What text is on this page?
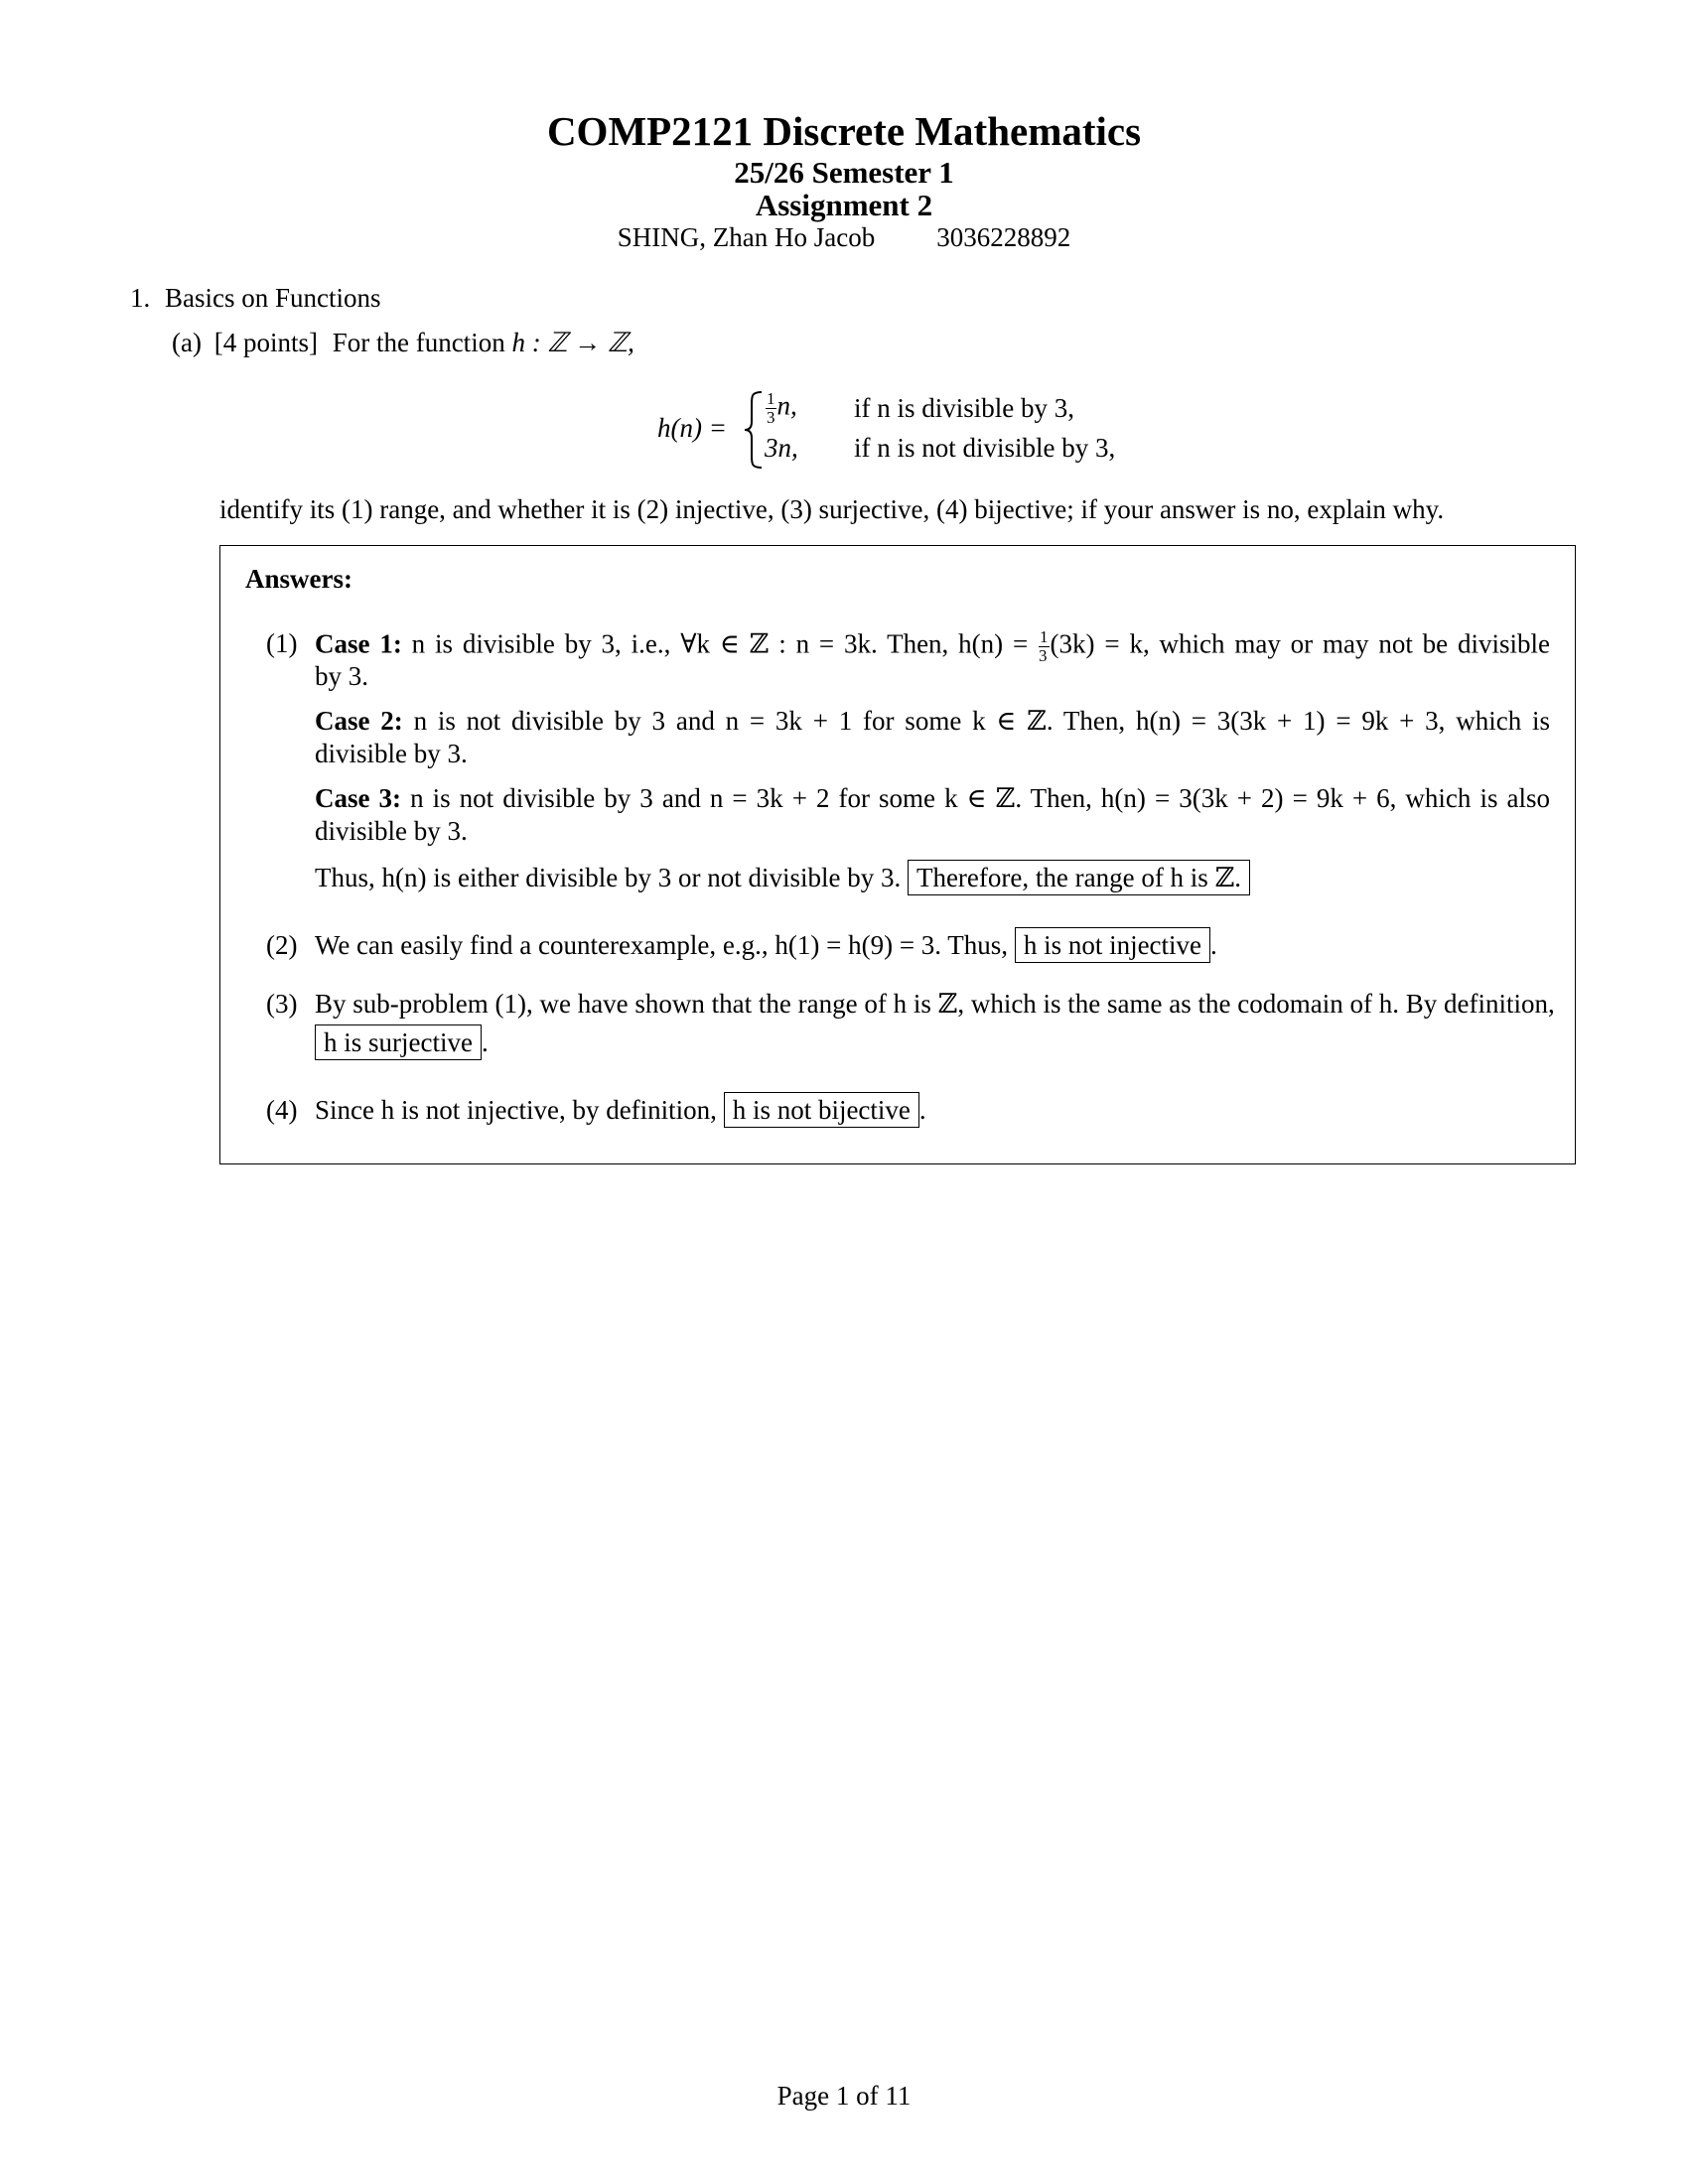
COMP2121 Discrete Mathematics
25/26 Semester 1
Assignment 2
SHING, Zhan Ho Jacob 3036228892
1. Basics on Functions
(a) [4 points] For the function h : ℤ → ℤ,
h(n) =
$\frac{1}{3} n$, if n is divisible by 3,
3n, if n is not divisible by 3,
identify its (1) range, and whether it is (2) injective, (3) surjective, (4) bijective; if your answer is no, explain why.
Answers:
(1) Case 1: n is divisible by 3, i.e., ∀k ∈ ℤ : n = 3k. Then, $h(n) = \frac{1}{3} (3k) = k$, which may or may not be divisible
by 3.
Case 2: n is not divisible by 3 and n = 3k + 1 for some k ∈ ℤ. Then, h(n) = 3(3k + 1) = 9k + 3, which is
divisible by 3.
Case 3: n is not divisible by 3 and n = 3k + 2 for some k ∈ ℤ. Then, h(n) = 3(3k + 2) = 9k + 6, which is also
divisible by 3.
Thus, h(n) is either divisible by 3 or not divisible by 3. Therefore, the range of h is ℤ.
(2) We can easily find a counterexample, e.g., h(1) = h(9) = 3. Thus, h is not injective .
(3) By sub-problem (1), we have shown that the range of h is ℤ, which is the same as the codomain of h. By definition,
h is surjective .
(4) Since h is not injective, by definition, h is not bijective .
Page 1 of 11
